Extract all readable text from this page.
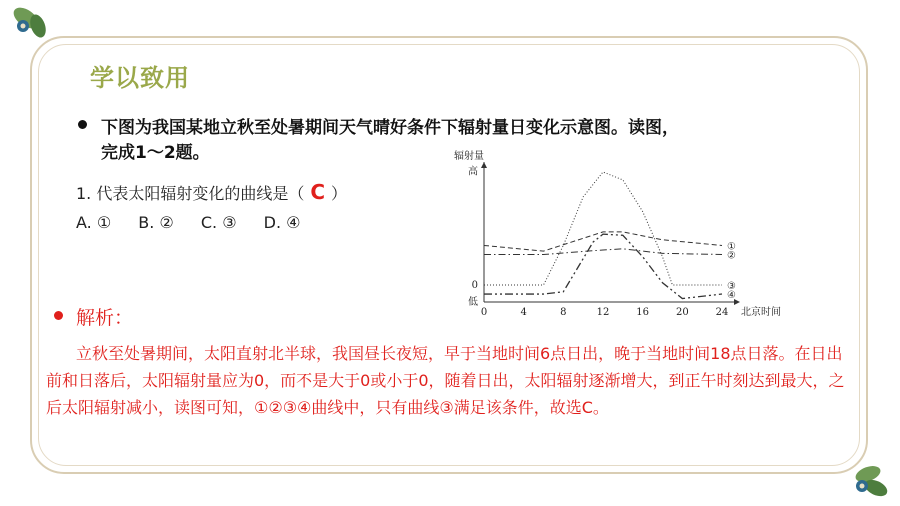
学以致用
下图为我国某地立秋至处暑期间天气晴好条件下辐射量日变化示意图。读图，
完成1～2题。
1. 代表太阳辐射变化的曲线是（ C ）
A. ① B. ② C. ③ D. ④
辐射量
高
0
低
0	4	8	12	16	20	24 北京时间
①
②
③
④
解析：
立秋至处暑期间，太阳直射北半球，我国昼长夜短，早于当地时间6点日出，晚于当地时间18点日落。在日出前和日落后，太阳辐射量应为0，而不是大于0或小于0，随着日出，太阳辐射逐渐增大，到正午时刻达到最大，之后太阳辐射减小，读图可知，①②③④曲线中，只有曲线③满足该条件，故选C。
